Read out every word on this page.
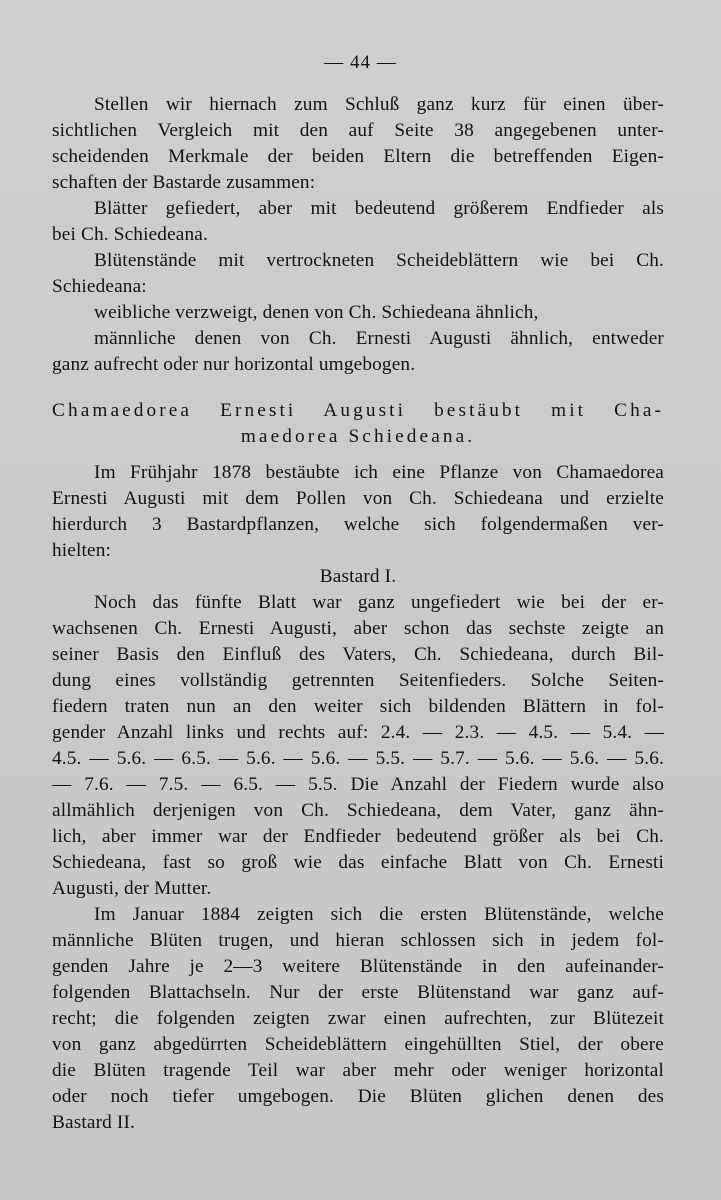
— 44 —

Stellen wir hiernach zum Schluß ganz kurz für einen über-
sichtlichen Vergleich mit den auf Seite 38 angegebenen unter-
scheidenden Merkmale der beiden Eltern die betreffenden Eigen-
schaften der Bastarde zusammen:

Blätter gefiedert, aber mit bedeutend größerem Endfieder als
bei Ch. Schiedeana.

Blütenstände mit vertrockneten Scheideblättern wie bei Ch.
Schiedeana:

weibliche verzweigt, denen von Ch. Schiedeana ähnlich,

männliche denen von Ch. Ernesti Augusti ähnlich, entweder
ganz aufrecht oder nur horizontal umgebogen.

Chamaedorea Ernesti Augusti bestäubt mit Cha-
maedorea Schiedeana.

Im Frühjahr 1878 bestäubte ich eine Pflanze von Chamaedorea
Ernesti Augusti mit dem Pollen von Ch. Schiedeana und erzielte
hierdurch 3 Bastardpflanzen, welche sich folgendermaßen ver-
hielten:

Bastard I.

Noch das fünfte Blatt war ganz ungefiedert wie bei der er-
wachsenen Ch. Ernesti Augusti, aber schon das sechste zeigte an
seiner Basis den Einfluß des Vaters, Ch. Schiedeana, durch Bil-
dung eines vollständig getrennten Seitenfieders. Solche Seiten-
fiedern traten nun an den weiter sich bildenden Blättern in fol-
gender Anzahl links und rechts auf: 2.4. — 2.3. — 4.5. — 5.4. —
4.5. — 5.6. — 6.5. — 5.6. — 5.6. — 5.5. — 5.7. — 5.6. — 5.6. — 5.6.
— 7.6. — 7.5. — 6.5. — 5.5. Die Anzahl der Fiedern wurde also
allmählich derjenigen von Ch. Schiedeana, dem Vater, ganz ähn-
lich, aber immer war der Endfieder bedeutend größer als bei Ch.
Schiedeana, fast so groß wie das einfache Blatt von Ch. Ernesti
Augusti, der Mutter.

Im Januar 1884 zeigten sich die ersten Blütenstände, welche
männliche Blüten trugen, und hieran schlossen sich in jedem fol-
genden Jahre je 2—3 weitere Blütenstände in den aufeinander-
folgenden Blattachseln. Nur der erste Blütenstand war ganz auf-
recht; die folgenden zeigten zwar einen aufrechten, zur Blütezeit
von ganz abgedürrten Scheideblättern eingehüllten Stiel, der obere
die Blüten tragende Teil war aber mehr oder weniger horizontal
oder noch tiefer umgebogen. Die Blüten glichen denen des
Bastard II.
